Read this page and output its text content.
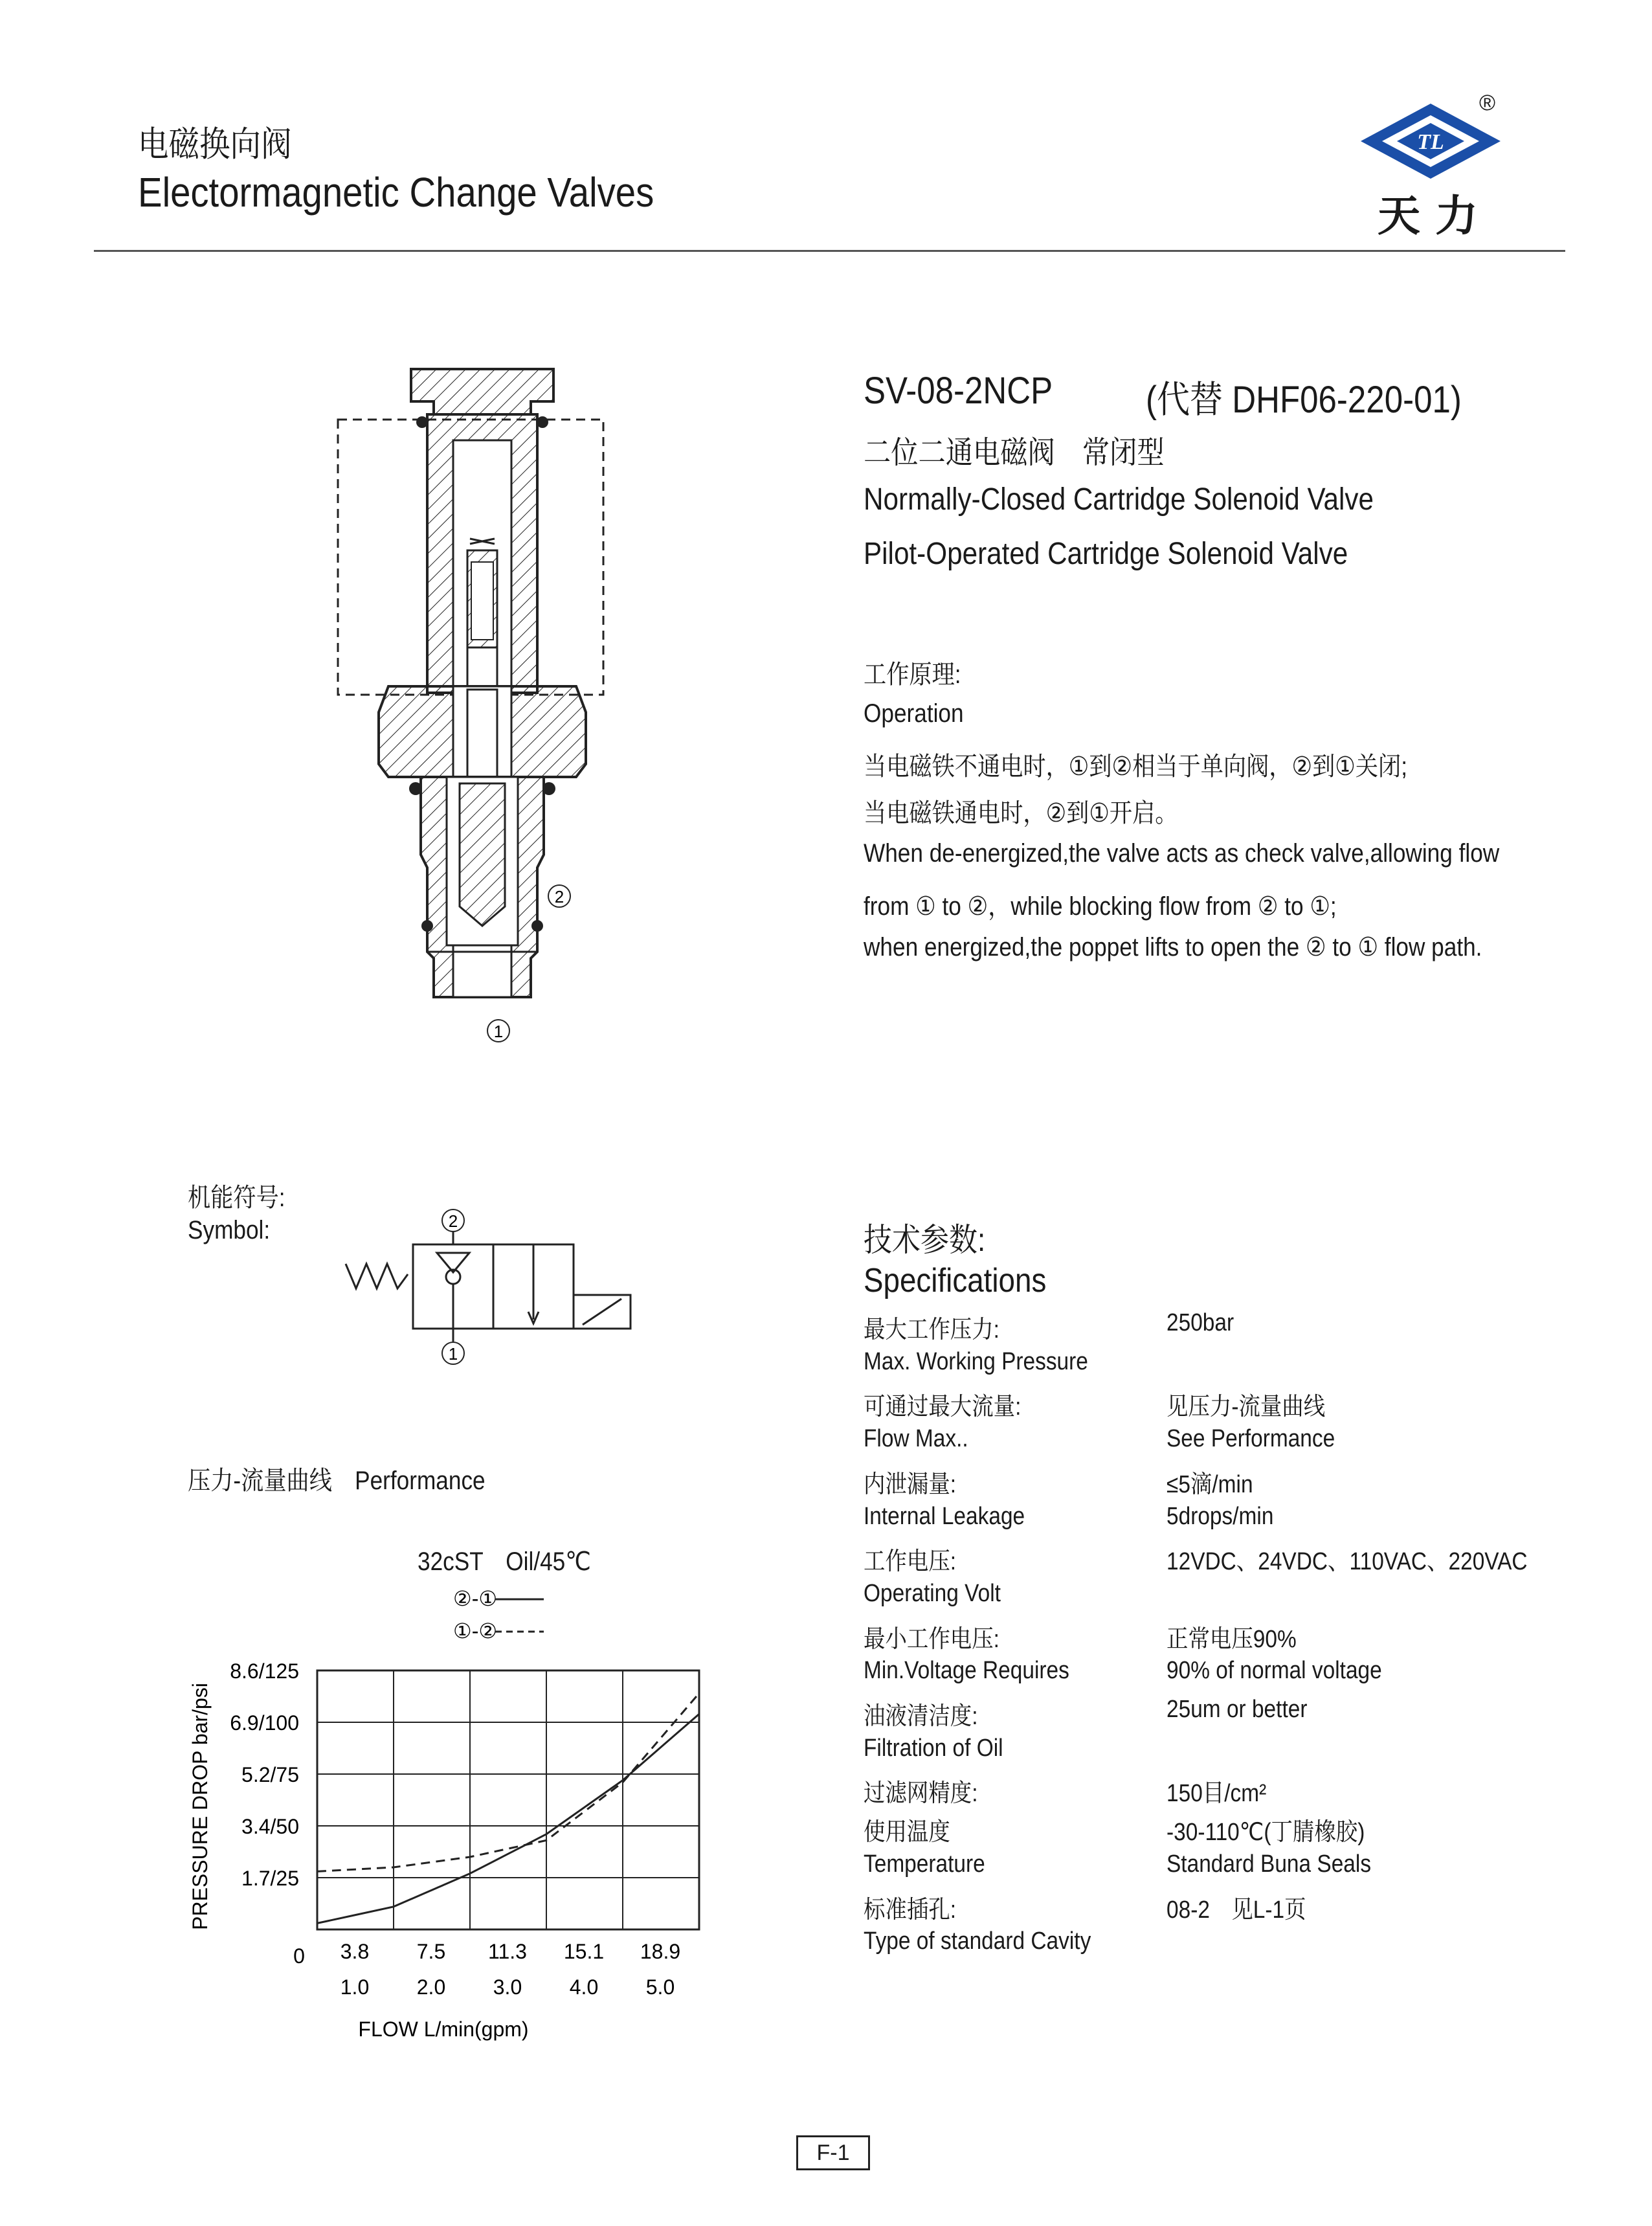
电磁换向阀
Electormagnetic Change Valves
TL
®
天 力
2
1
SV-08-2NCP (代替 DHF06-220-01)
二位二通电磁阀　常闭型
Normally-Closed Cartridge Solenoid Valve
Pilot-Operated Cartridge Solenoid Valve
工作原理:
Operation
当电磁铁不通电时，①到②相当于单向阀，②到①关闭;
当电磁铁通电时，②到①开启。
When de-energized,the valve acts as check valve,allowing flow
from ① to ②，while blocking flow from ② to ①;
when energized,the poppet lifts to open the ② to ① flow path.
机能符号:
Symbol:	2
1
压力-流量曲线　Performance
32cST　Oil/45℃
1.7/25
3.4/50
5.2/75
6.9/100
8.6/125
0 3.8 7.5 11.3 15.1 18.9
1.0 2.0 3.0 4.0 5.0
FLOW L/min(gpm)
PRESSURE DROP bar/psi
②-①
①-②
技术参数:
Specifications
最大工作压力:	250bar
Max. Working Pressure
可通过最大流量:	见压力-流量曲线
Flow Max..	See Performance
内泄漏量:	≤5滴/min
Internal Leakage	5drops/min
工作电压:	12VDC、24VDC、110VAC、220VAC
Operating Volt
最小工作电压:	正常电压90%
Min.Voltage Requires	90% of normal voltage
油液清洁度:	25um or better
Filtration of Oil
过滤网精度:	150目/cm²
使用温度	-30-110℃(丁腈橡胶)
Temperature	Standard Buna Seals
标准插孔:	08-2　见L-1页
Type of standard Cavity
F-1
